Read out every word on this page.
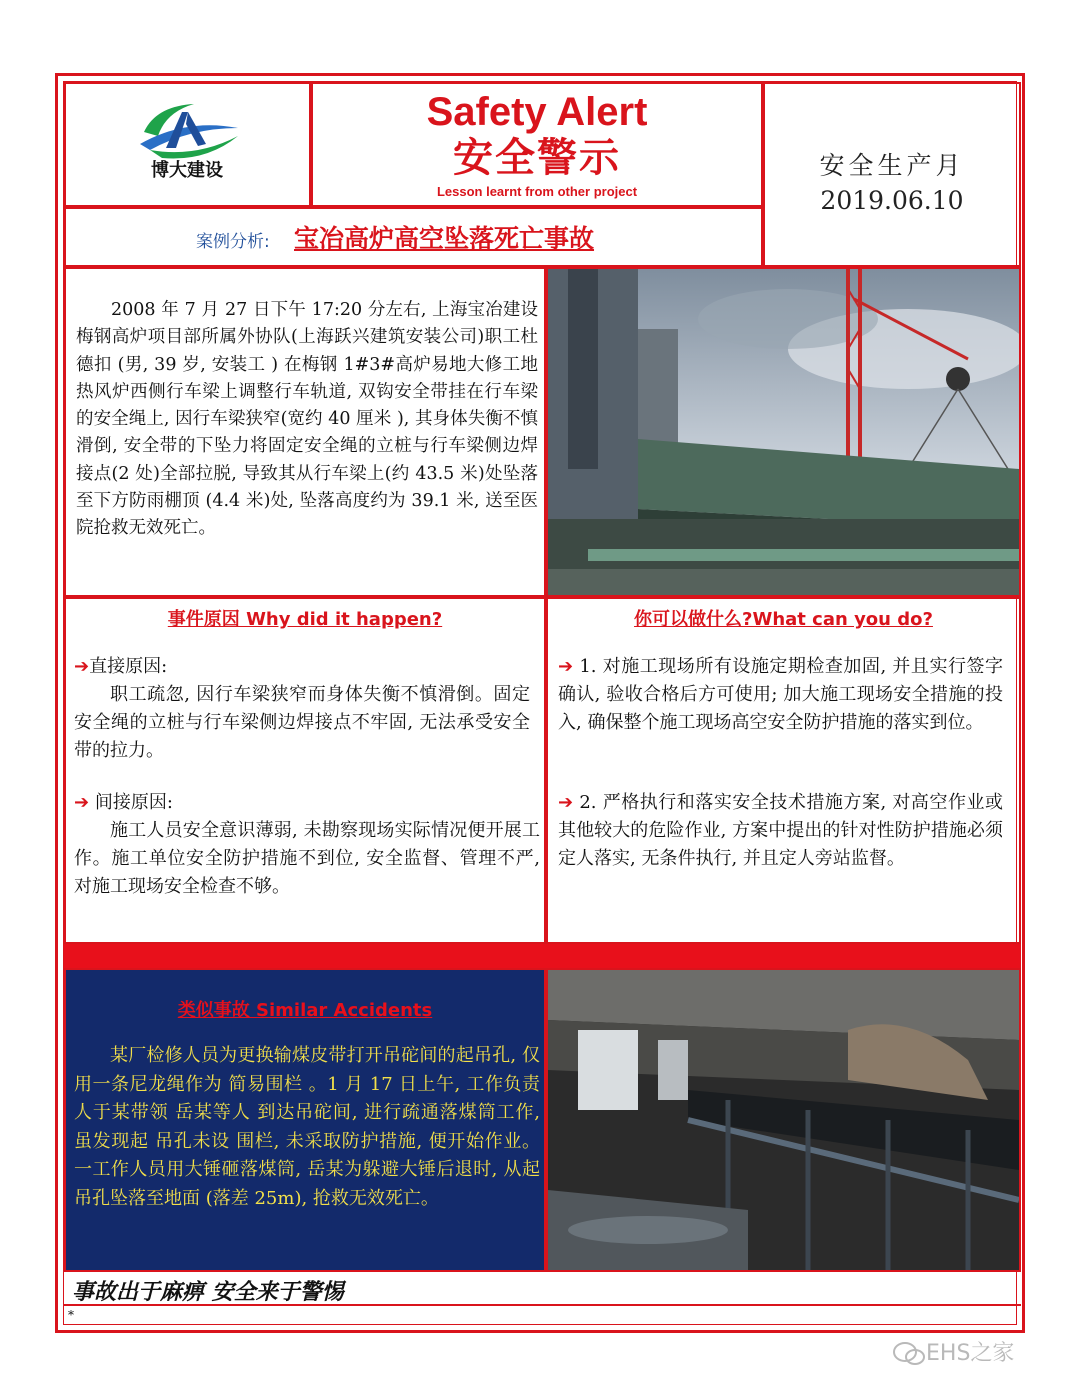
博大建设
Safety Alert
安全警示
Lesson learnt from other project
安全生产月
2019.06.10
案例分析: 宝冶高炉高空坠落死亡事故
2008 年 7 月 27 日下午 17:20 分左右, 上海宝冶建设梅钢高炉项目部所属外协队(上海跃兴建筑安装公司)职工杜德扣 (男, 39 岁, 安装工 ) 在梅钢 1#3#高炉易地大修工地热风炉西侧行车梁上调整行车轨道, 双钩安全带挂在行车梁的安全绳上, 因行车梁狭窄(宽约 40 厘米 ), 其身体失衡不慎滑倒, 安全带的下坠力将固定安全绳的立桩与行车梁侧边焊接点(2 处)全部拉脱, 导致其从行车梁上(约 43.5 米)处坠落至下方防雨棚顶 (4.4 米)处, 坠落高度约为 39.1 米, 送至医院抢救无效死亡。
事件原因 Why did it happen?
➔直接原因:
职工疏忽, 因行车梁狭窄而身体失衡不慎滑倒。固定安全绳的立桩与行车梁侧边焊接点不牢固, 无法承受安全带的拉力。
➔ 间接原因:
施工人员安全意识薄弱, 未勘察现场实际情况便开展工作。施工单位安全防护措施不到位, 安全监督、管理不严, 对施工现场安全检查不够。
你可以做什么?What can you do?
➔ 1. 对施工现场所有设施定期检查加固, 并且实行签字确认, 验收合格后方可使用; 加大施工现场安全措施的投入, 确保整个施工现场高空安全防护措施的落实到位。
➔ 2. 严格执行和落实安全技术措施方案, 对高空作业或其他较大的危险作业, 方案中提出的针对性防护措施必须定人落实, 无条件执行, 并且定人旁站监督。
类似事故 Similar Accidents
某厂检修人员为更换输煤皮带打开吊砣间的起吊孔, 仅用一条尼龙绳作为 简易围栏 。1 月 17 日上午, 工作负责人于某带领 岳某等人 到达吊砣间, 进行疏通落煤筒工作, 虽发现起 吊孔未设 围栏, 未采取防护措施, 便开始作业。一工作人员用大锤砸落煤筒, 岳某为躲避大锤后退时, 从起吊孔坠落至地面 (落差 25m), 抢救无效死亡。
事故出于麻痹 安全来于警惕
*
EHS之家
